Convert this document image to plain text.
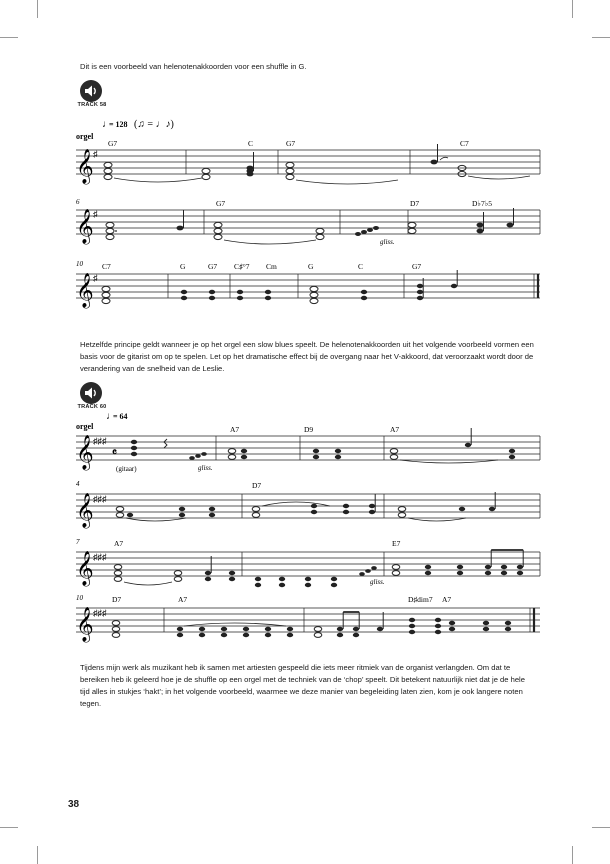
Dit is een voorbeeld van helenotenakkoorden voor een shuffle in G.
TRACK 58
♩
= 128 (♫ = ♩♪)
orgel
G7	C	G7	C7
𝄞 ♯
6	G7	D7	D♭7♭5
𝄞 ♯
gliss.
10	C7	G	G7 C♯°7 Cm	G	C	G7
𝄞 ♯
Hetzelfde principe geldt wanneer je op het orgel een slow blues speelt. De helenotenakkoorden uit het volgende voorbeeld vormen een basis voor de gitarist om op te spelen. Let op het dramatische effect bij de overgang naar het V-akkoord, dat veroorzaakt wordt door de verandering van de snelheid van de Leslie.
TRACK 60
♩
= 64
orgel	A7	D9	A7
𝄞 ♯♯♯
𝄴
(gitaar)	gliss.
4	D7
𝄞 ♯♯♯
7	A7	E7
𝄞 ♯♯♯
gliss.
10	D7	A7	D♯dim7 A7
𝄞 ♯♯♯
Tijdens mijn werk als muzikant heb ik samen met artiesten gespeeld die iets meer ritmiek van de organist verlangden. Om dat te bereiken heb ik geleerd hoe je de shuffle op een orgel met de techniek van de ‘chop’ speelt. Dit betekent natuurlijk niet dat je de hele tijd alles in stukjes ‘hakt’; in het volgende voorbeeld, waarmee we deze manier van begeleiding laten zien, kom je ook langere noten tegen.
38
